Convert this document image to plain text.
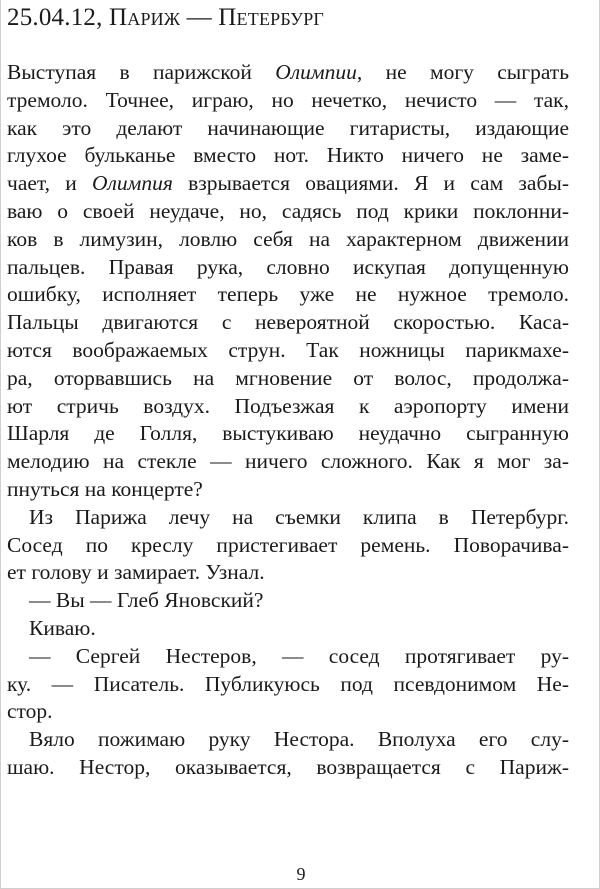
25.04.12, Париж — Петербург
Выступая в парижской Олимпии, не могу сыграть
тремоло. Точнее, играю, но нечетко, нечисто — так,
как это делают начинающие гитаристы, издающие
глухое бульканье вместо нот. Никто ничего не заме-
чает, и Олимпия взрывается овациями. Я и сам забы-
ваю о своей неудаче, но, садясь под крики поклонни-
ков в лимузин, ловлю себя на характерном движении
пальцев. Правая рука, словно искупая допущенную
ошибку, исполняет теперь уже не нужное тремоло.
Пальцы двигаются с невероятной скоростью. Каса-
ются воображаемых струн. Так ножницы парикмахе-
ра, оторвавшись на мгновение от волос, продолжа-
ют стричь воздух. Подъезжая к аэропорту имени
Шарля де Голля, выстукиваю неудачно сыгранную
мелодию на стекле — ничего сложного. Как я мог за-
пнуться на концерте?
Из Парижа лечу на съемки клипа в Петербург.
Сосед по креслу пристегивает ремень. Поворачива-
ет голову и замирает. Узнал.
— Вы — Глеб Яновский?
Киваю.
— Сергей Нестеров, — сосед протягивает ру-
ку. — Писатель. Публикуюсь под псевдонимом Не-
стор.
Вяло пожимаю руку Нестора. Вполуха его слу-
шаю. Нестор, оказывается, возвращается с Париж-
9
